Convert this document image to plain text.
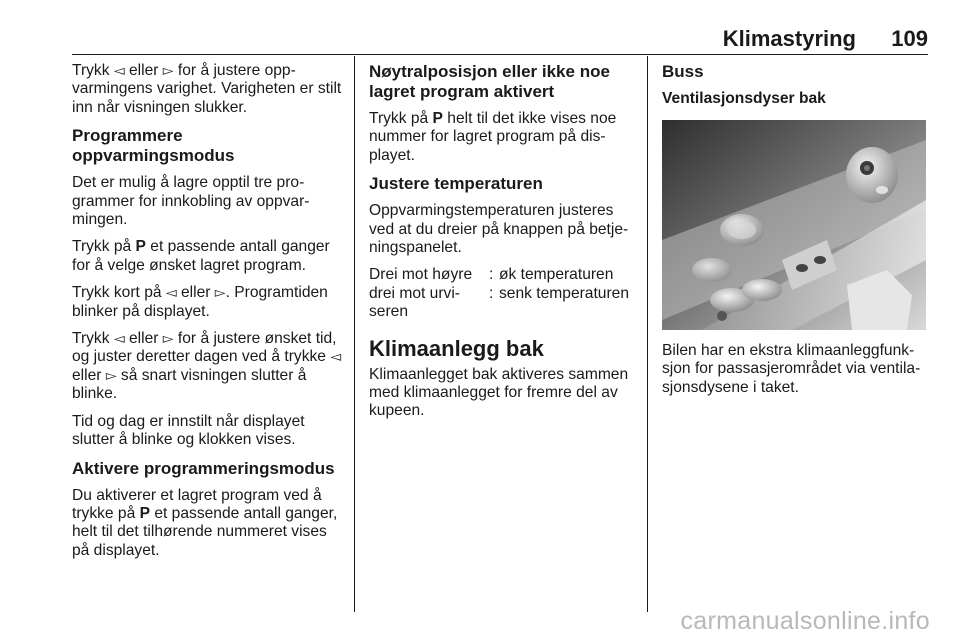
Klimastyring 109

Trykk ◅ eller ▻ for å justere oppvarmingens varighet. Varigheten er stilt inn når visningen slukker.

Programmere oppvarmingsmodus

Det er mulig å lagre opptil tre programmer for innkobling av oppvarmingen.

Trykk på P et passende antall ganger for å velge ønsket lagret program.

Trykk kort på ◅ eller ▻. Programtiden blinker på displayet.

Trykk ◅ eller ▻ for å justere ønsket tid, og juster deretter dagen ved å trykke ◅ eller ▻ så snart visningen slutter å blinke.

Tid og dag er innstilt når displayet slutter å blinke og klokken vises.

Aktivere programmeringsmodus

Du aktiverer et lagret program ved å trykke på P et passende antall ganger, helt til det tilhørende nummeret vises på displayet.

Nøytralposisjon eller ikke noe lagret program aktivert

Trykk på P helt til det ikke vises noe nummer for lagret program på displayet.

Justere temperaturen

Oppvarmingstemperaturen justeres ved at du dreier på knappen på betjeningspanelet.

Drei mot høyre	:	øk temperaturen
drei mot urviseren	:	senk temperaturen
Klimaanlegg bak

Klimaanlegget bak aktiveres sammen med klimaanlegget for fremre del av kupeen.

Buss
Ventilasjonsdyser bak

Bilen har en ekstra klimaanleggfunksjon for passasjerområdet via ventilasjonsdysene i taket.

carmanualsonline.info
